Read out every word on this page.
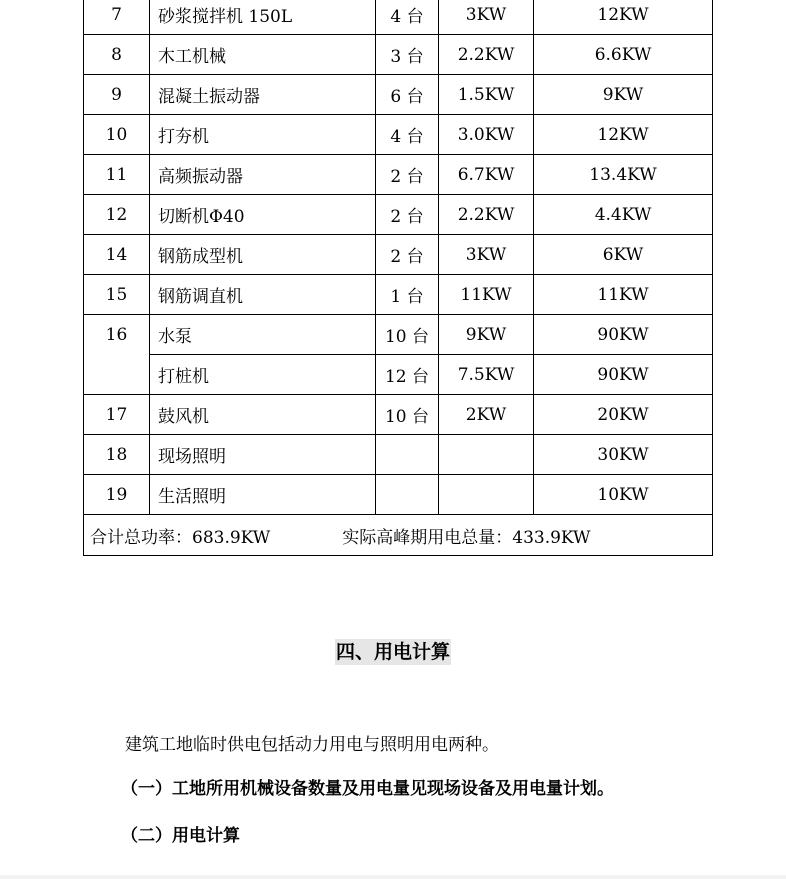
7	砂浆搅拌机 150L	4 台	3KW	12KW
8	木工机械	3 台	2.2KW	6.6KW
9	混凝土振动器	6 台	1.5KW	9KW
10	打夯机	4 台	3.0KW	12KW
11	高频振动器	2 台	6.7KW	13.4KW
12	切断机Φ40	2 台	2.2KW	4.4KW
14	钢筋成型机	2 台	3KW	6KW
15	钢筋调直机	1 台	11KW	11KW
16	水泵	10 台	9KW	90KW
	打桩机	12 台	7.5KW	90KW
17	鼓风机	10 台	2KW	20KW
18	现场照明			30KW
19	生活照明			10KW
合计总功率：683.9KW 实际高峰期用电总量：433.9KW				
四、用电计算
建筑工地临时供电包括动力用电与照明用电两种。
（一）工地所用机械设备数量及用电量见现场设备及用电量计划。
（二）用电计算
